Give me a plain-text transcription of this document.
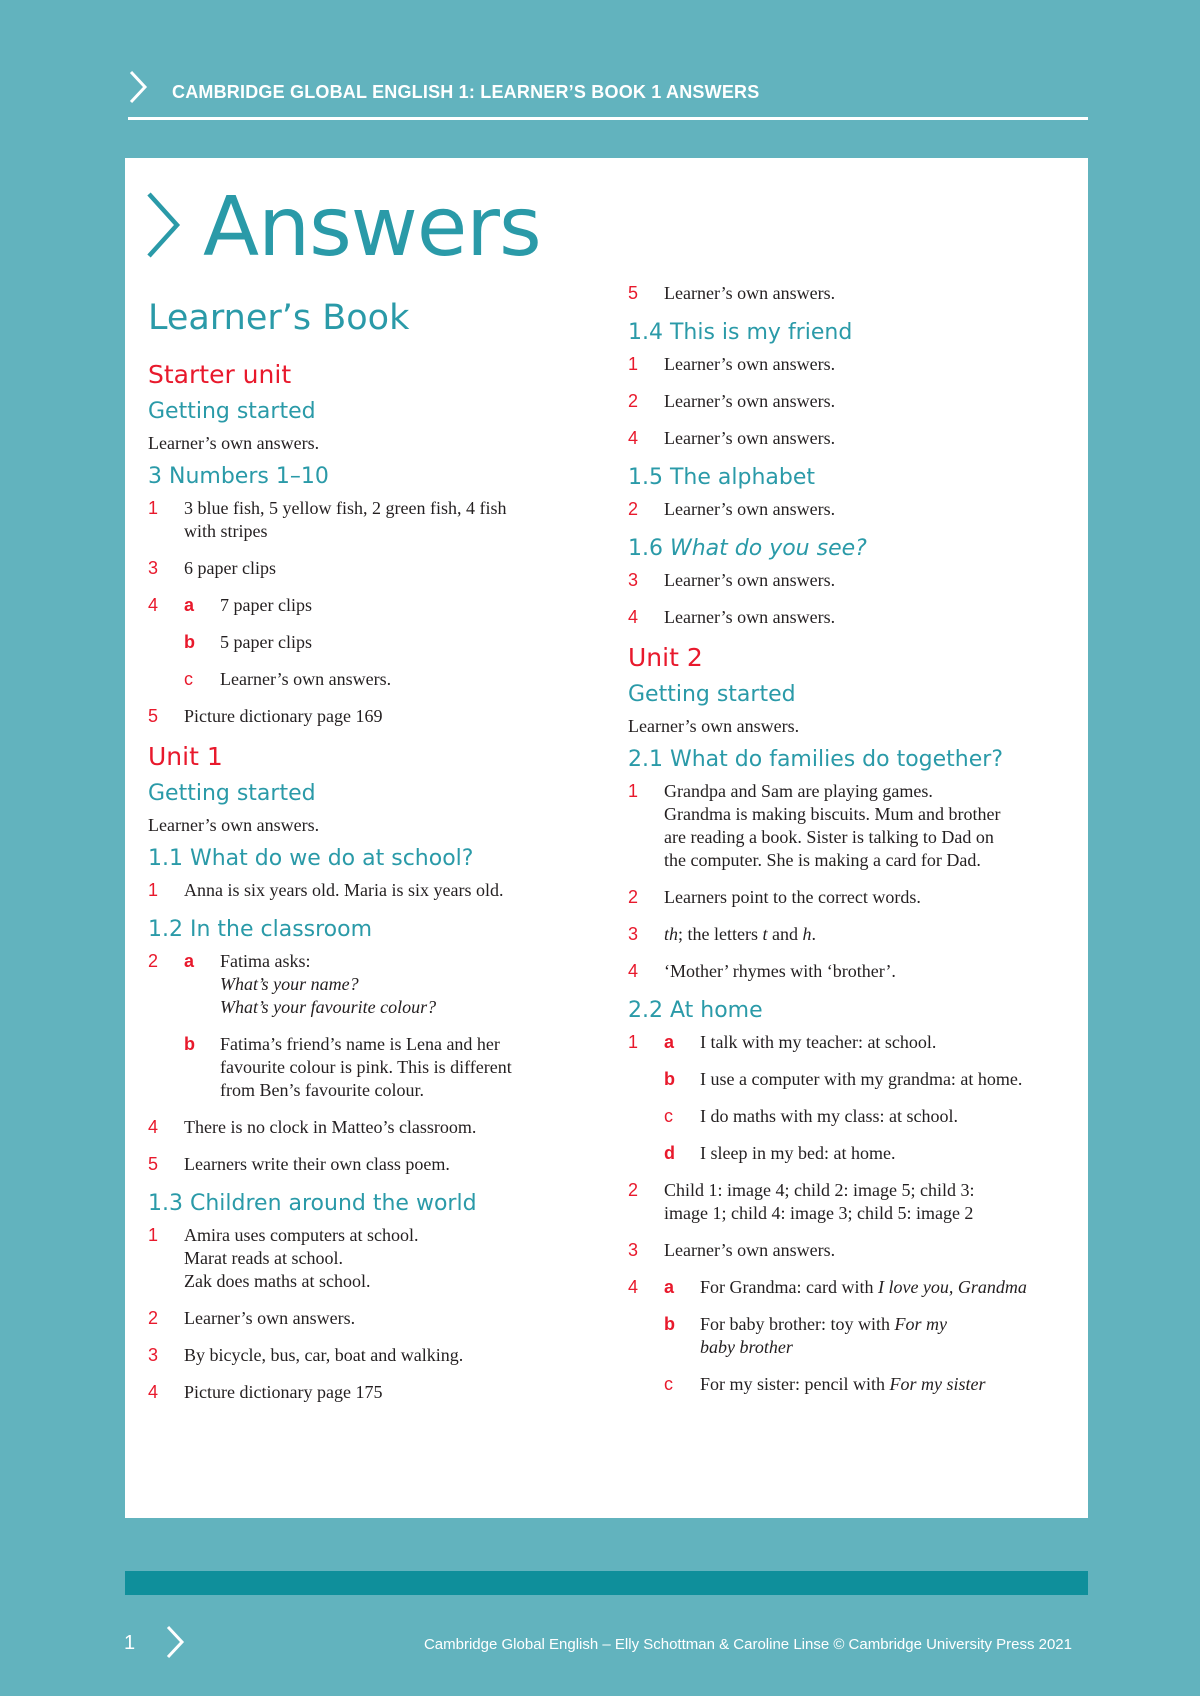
CAMBRIDGE GLOBAL ENGLISH 1: LEARNER’S BOOK 1 ANSWERS
Answers
Learner’s Book
Starter unit
Getting started
Learner’s own answers.
3 Numbers 1–10
1 3 blue fish, 5 yellow fish, 2 green fish, 4 fish
with stripes
3 6 paper clips
4 a 7 paper clips
b 5 paper clips
c Learner’s own answers.
5 Picture dictionary page 169
Unit 1
Getting started
Learner’s own answers.
1.1 What do we do at school?
1 Anna is six years old. Maria is six years old.
1.2 In the classroom
2 a Fatima asks:
What’s your name?
What’s your favourite colour?
b Fatima’s friend’s name is Lena and her
favourite colour is pink. This is different
from Ben’s favourite colour.
4 There is no clock in Matteo’s classroom.
5 Learners write their own class poem.
1.3 Children around the world
1 Amira uses computers at school.
Marat reads at school.
Zak does maths at school.
2 Learner’s own answers.
3 By bicycle, bus, car, boat and walking.
4 Picture dictionary page 175
5 Learner’s own answers.
1.4 This is my friend
1 Learner’s own answers.
2 Learner’s own answers.
4 Learner’s own answers.
1.5 The alphabet
2 Learner’s own answers.
1.6 What do you see?
3 Learner’s own answers.
4 Learner’s own answers.
Unit 2
Getting started
Learner’s own answers.
2.1 What do families do together?
1 Grandpa and Sam are playing games.
Grandma is making biscuits. Mum and brother
are reading a book. Sister is talking to Dad on
the computer. She is making a card for Dad.
2 Learners point to the correct words.
3 th; the letters t and h.
4 ‘Mother’ rhymes with ‘brother’.
2.2 At home
1 a I talk with my teacher: at school.
b I use a computer with my grandma: at home.
c I do maths with my class: at school.
d I sleep in my bed: at home.
2 Child 1: image 4; child 2: image 5; child 3:
image 1; child 4: image 3; child 5: image 2
3 Learner’s own answers.
4 a For Grandma: card with I love you, Grandma
b For baby brother: toy with For my
baby brother
c For my sister: pencil with For my sister
1	Cambridge Global English – Elly Schottman & Caroline Linse © Cambridge University Press 2021
